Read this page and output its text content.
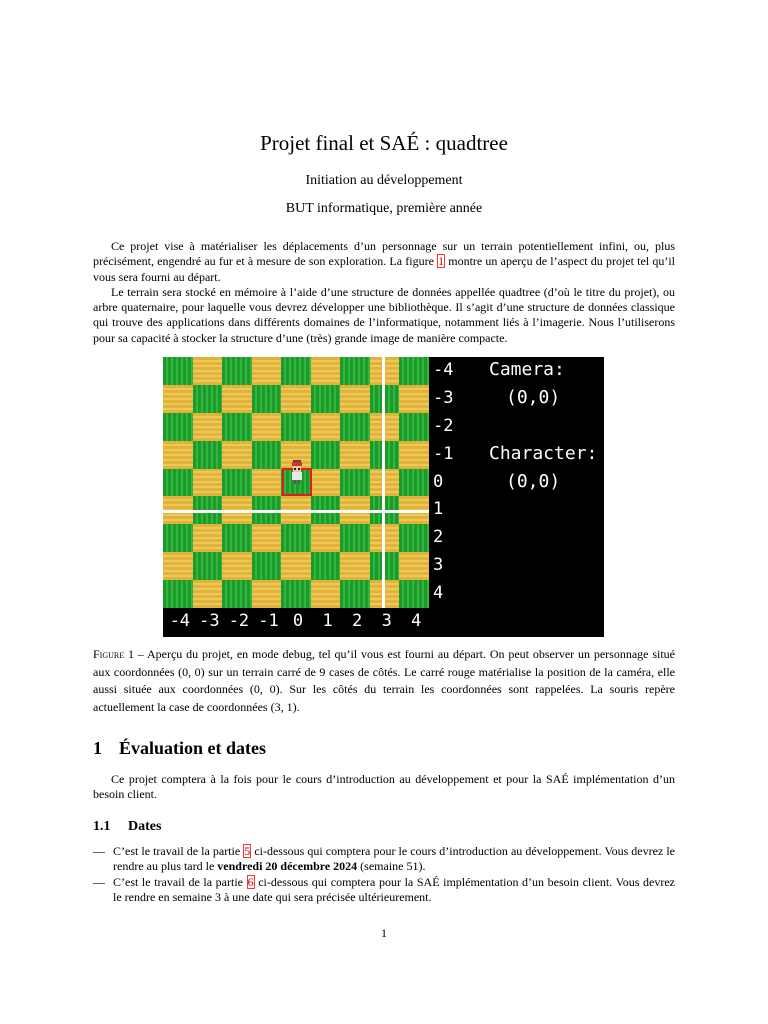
Projet final et SAÉ : quadtree
Initiation au développement
BUT informatique, première année

Ce projet vise à matérialiser les déplacements d’un personnage sur un terrain potentiellement infini, ou, plus précisément, engendré au fur et à mesure de son exploration. La figure 1 montre un aperçu de l’aspect du projet tel qu’il vous sera fourni au départ.

Le terrain sera stocké en mémoire à l’aide d’une structure de données appellée quadtree (d’où le titre du projet), ou arbre quaternaire, pour laquelle vous devrez développer une bibliothèque. Il s’agit d’une structure de données classique qui trouve des applications dans différents domaines de l’informatique, notamment liés à l’imagerie. Nous l’utiliserons pour sa capacité à stocker la structure d’une (très) grande image de manière compacte.

-4
-3
-2
-1
0
1
2
3
4
-4 -3 -2 -1 0 1 2 3 4
Camera:
(0,0)
Character:
(0,0)
Figure 1 – Aperçu du projet, en mode debug, tel qu’il vous est fourni au départ. On peut observer un personnage situé aux coordonnées (0, 0) sur un terrain carré de 9 cases de côtés. Le carré rouge matérialise la position de la caméra, elle aussi située aux coordonnées (0, 0). Sur les côtés du terrain les coordonnées sont rappelées. La souris repère actuellement la case de coordonnées (3, 1).
1 Évaluation et dates

Ce projet comptera à la fois pour le cours d’introduction au développement et pour la SAÉ implémentation d’un besoin client.

1.1 Dates
— C’est le travail de la partie 5 ci-dessous qui comptera pour le cours d’introduction au développement. Vous devrez le rendre au plus tard le vendredi 20 décembre 2024 (semaine 51).
— C’est le travail de la partie 6 ci-dessous qui comptera pour la SAÉ implémentation d’un besoin client. Vous devrez le rendre en semaine 3 à une date qui sera précisée ultérieurement.
1
